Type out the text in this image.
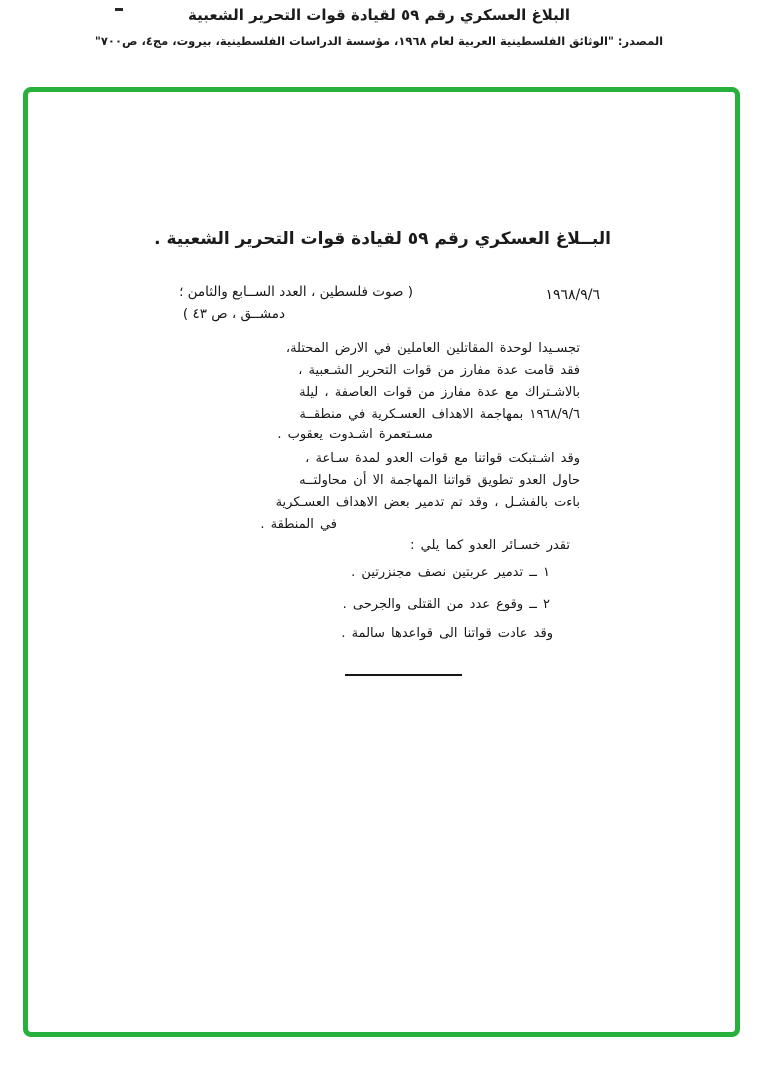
البلاغ العسكري رقم ٥٩ لقيادة قوات التحرير الشعبية
المصدر: "الوثائق الفلسطينية العربية لعام ١٩٦٨، مؤسسة الدراسات الفلسطينية، بيروت، مج٤، ص٧٠٠"
البــلاغ العسكري رقم ٥٩ لقيادة قوات التحرير الشعبية .
١٩٦٨/٩/٦
( صوت فلسطين ، العدد الســابع والثامن ؛
دمشــق ، ص ٤٣ )
تجسـيدا لوحدة المقاتلين العاملين في الارض المحتلة،
فقد قامت عدة مفارز من قوات التحرير الشـعبية ،
بالاشـتراك مع عدة مفارز من قوات العاصفة ، ليلة
١٩٦٨/٩/٦ بمهاجمة الاهداف العسـكرية في منطقــة
مسـتعمرة اشـدوت يعقوب .
وقد اشـتبكت قواتنا مع قوات العدو لمدة سـاعة ،
حاول العدو تطويق قواتنا المهاجمة الا أن محاولتــه
باءت بالفشـل ، وقد تم تدمير بعض الاهداف العسـكرية
في المنطقة .
تقدر خسـائر العدو كما يلي :
١ ــ تدمير عربتين نصف مجنزرتين .
٢ ــ وقوع عدد من القتلى والجرحى .
وقد عادت قواتنا الى قواعدها سالمة .
